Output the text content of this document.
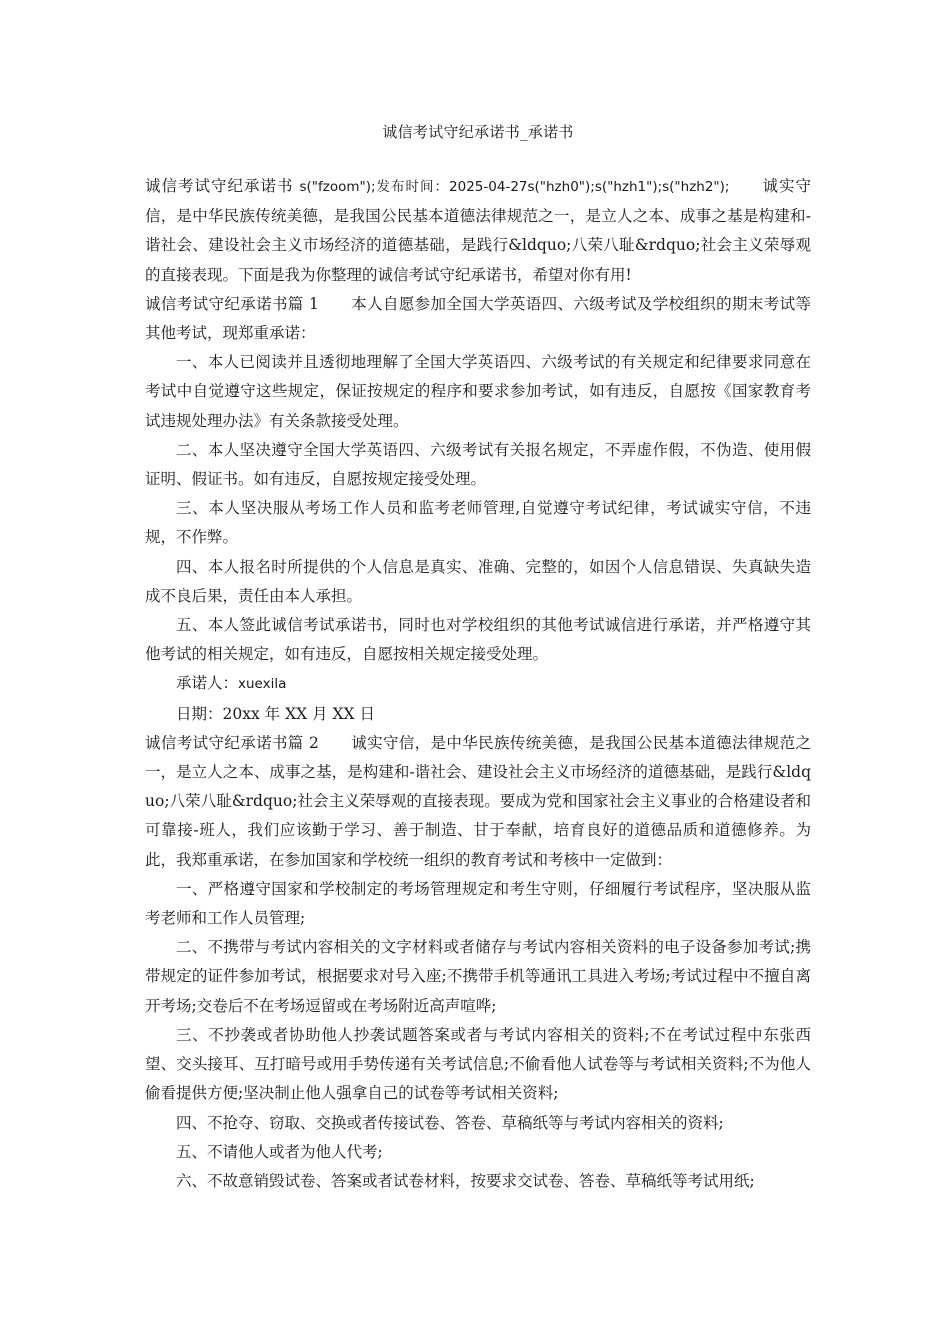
诚信考试守纪承诺书_承诺书

诚信考试守纪承诺书 s("fzoom");发布时间：2025-04-27s("hzh0");s("hzh1");s("hzh2"); 诚实守信，是中华民族传统美德，是我国公民基本道德法律规范之一，是立人之本、成事之基是构建和-谐社会、建设社会主义市场经济的道德基础，是践行&ldquo;八荣八耻&rdquo;社会主义荣辱观的直接表现。下面是我为你整理的诚信考试守纪承诺书，希望对你有用!

诚信考试守纪承诺书篇 1 本人自愿参加全国大学英语四、六级考试及学校组织的期末考试等其他考试，现郑重承诺：

一、本人已阅读并且透彻地理解了全国大学英语四、六级考试的有关规定和纪律要求同意在考试中自觉遵守这些规定，保证按规定的程序和要求参加考试，如有违反，自愿按《国家教育考试违规处理办法》有关条款接受处理。

二、本人坚决遵守全国大学英语四、六级考试有关报名规定，不弄虚作假，不伪造、使用假证明、假证书。如有违反，自愿按规定接受处理。

三、本人坚决服从考场工作人员和监考老师管理,自觉遵守考试纪律，考试诚实守信，不违规，不作弊。

四、本人报名时所提供的个人信息是真实、准确、完整的，如因个人信息错误、失真缺失造成不良后果，责任由本人承担。

五、本人签此诚信考试承诺书，同时也对学校组织的其他考试诚信进行承诺，并严格遵守其他考试的相关规定，如有违反，自愿按相关规定接受处理。

承诺人：xuexila

日期：20xx 年 XX 月 XX 日

诚信考试守纪承诺书篇 2 诚实守信，是中华民族传统美德，是我国公民基本道德法律规范之一，是立人之本、成事之基，是构建和-谐社会、建设社会主义市场经济的道德基础，是践行&ldquo;八荣八耻&rdquo;社会主义荣辱观的直接表现。要成为党和国家社会主义事业的合格建设者和可靠接-班人，我们应该勤于学习、善于制造、甘于奉献，培育良好的道德品质和道德修养。为此，我郑重承诺，在参加国家和学校统一组织的教育考试和考核中一定做到：

一、严格遵守国家和学校制定的考场管理规定和考生守则，仔细履行考试程序，坚决服从监考老师和工作人员管理;

二、不携带与考试内容相关的文字材料或者储存与考试内容相关资料的电子设备参加考试;携带规定的证件参加考试，根据要求对号入座;不携带手机等通讯工具进入考场;考试过程中不擅自离开考场;交卷后不在考场逗留或在考场附近高声喧哗;

三、不抄袭或者协助他人抄袭试题答案或者与考试内容相关的资料;不在考试过程中东张西望、交头接耳、互打暗号或用手势传递有关考试信息;不偷看他人试卷等与考试相关资料;不为他人偷看提供方便;坚决制止他人强拿自己的试卷等考试相关资料;

四、不抢夺、窃取、交换或者传接试卷、答卷、草稿纸等与考试内容相关的资料;

五、不请他人或者为他人代考;

六、不故意销毁试卷、答案或者试卷材料，按要求交试卷、答卷、草稿纸等考试用纸;
